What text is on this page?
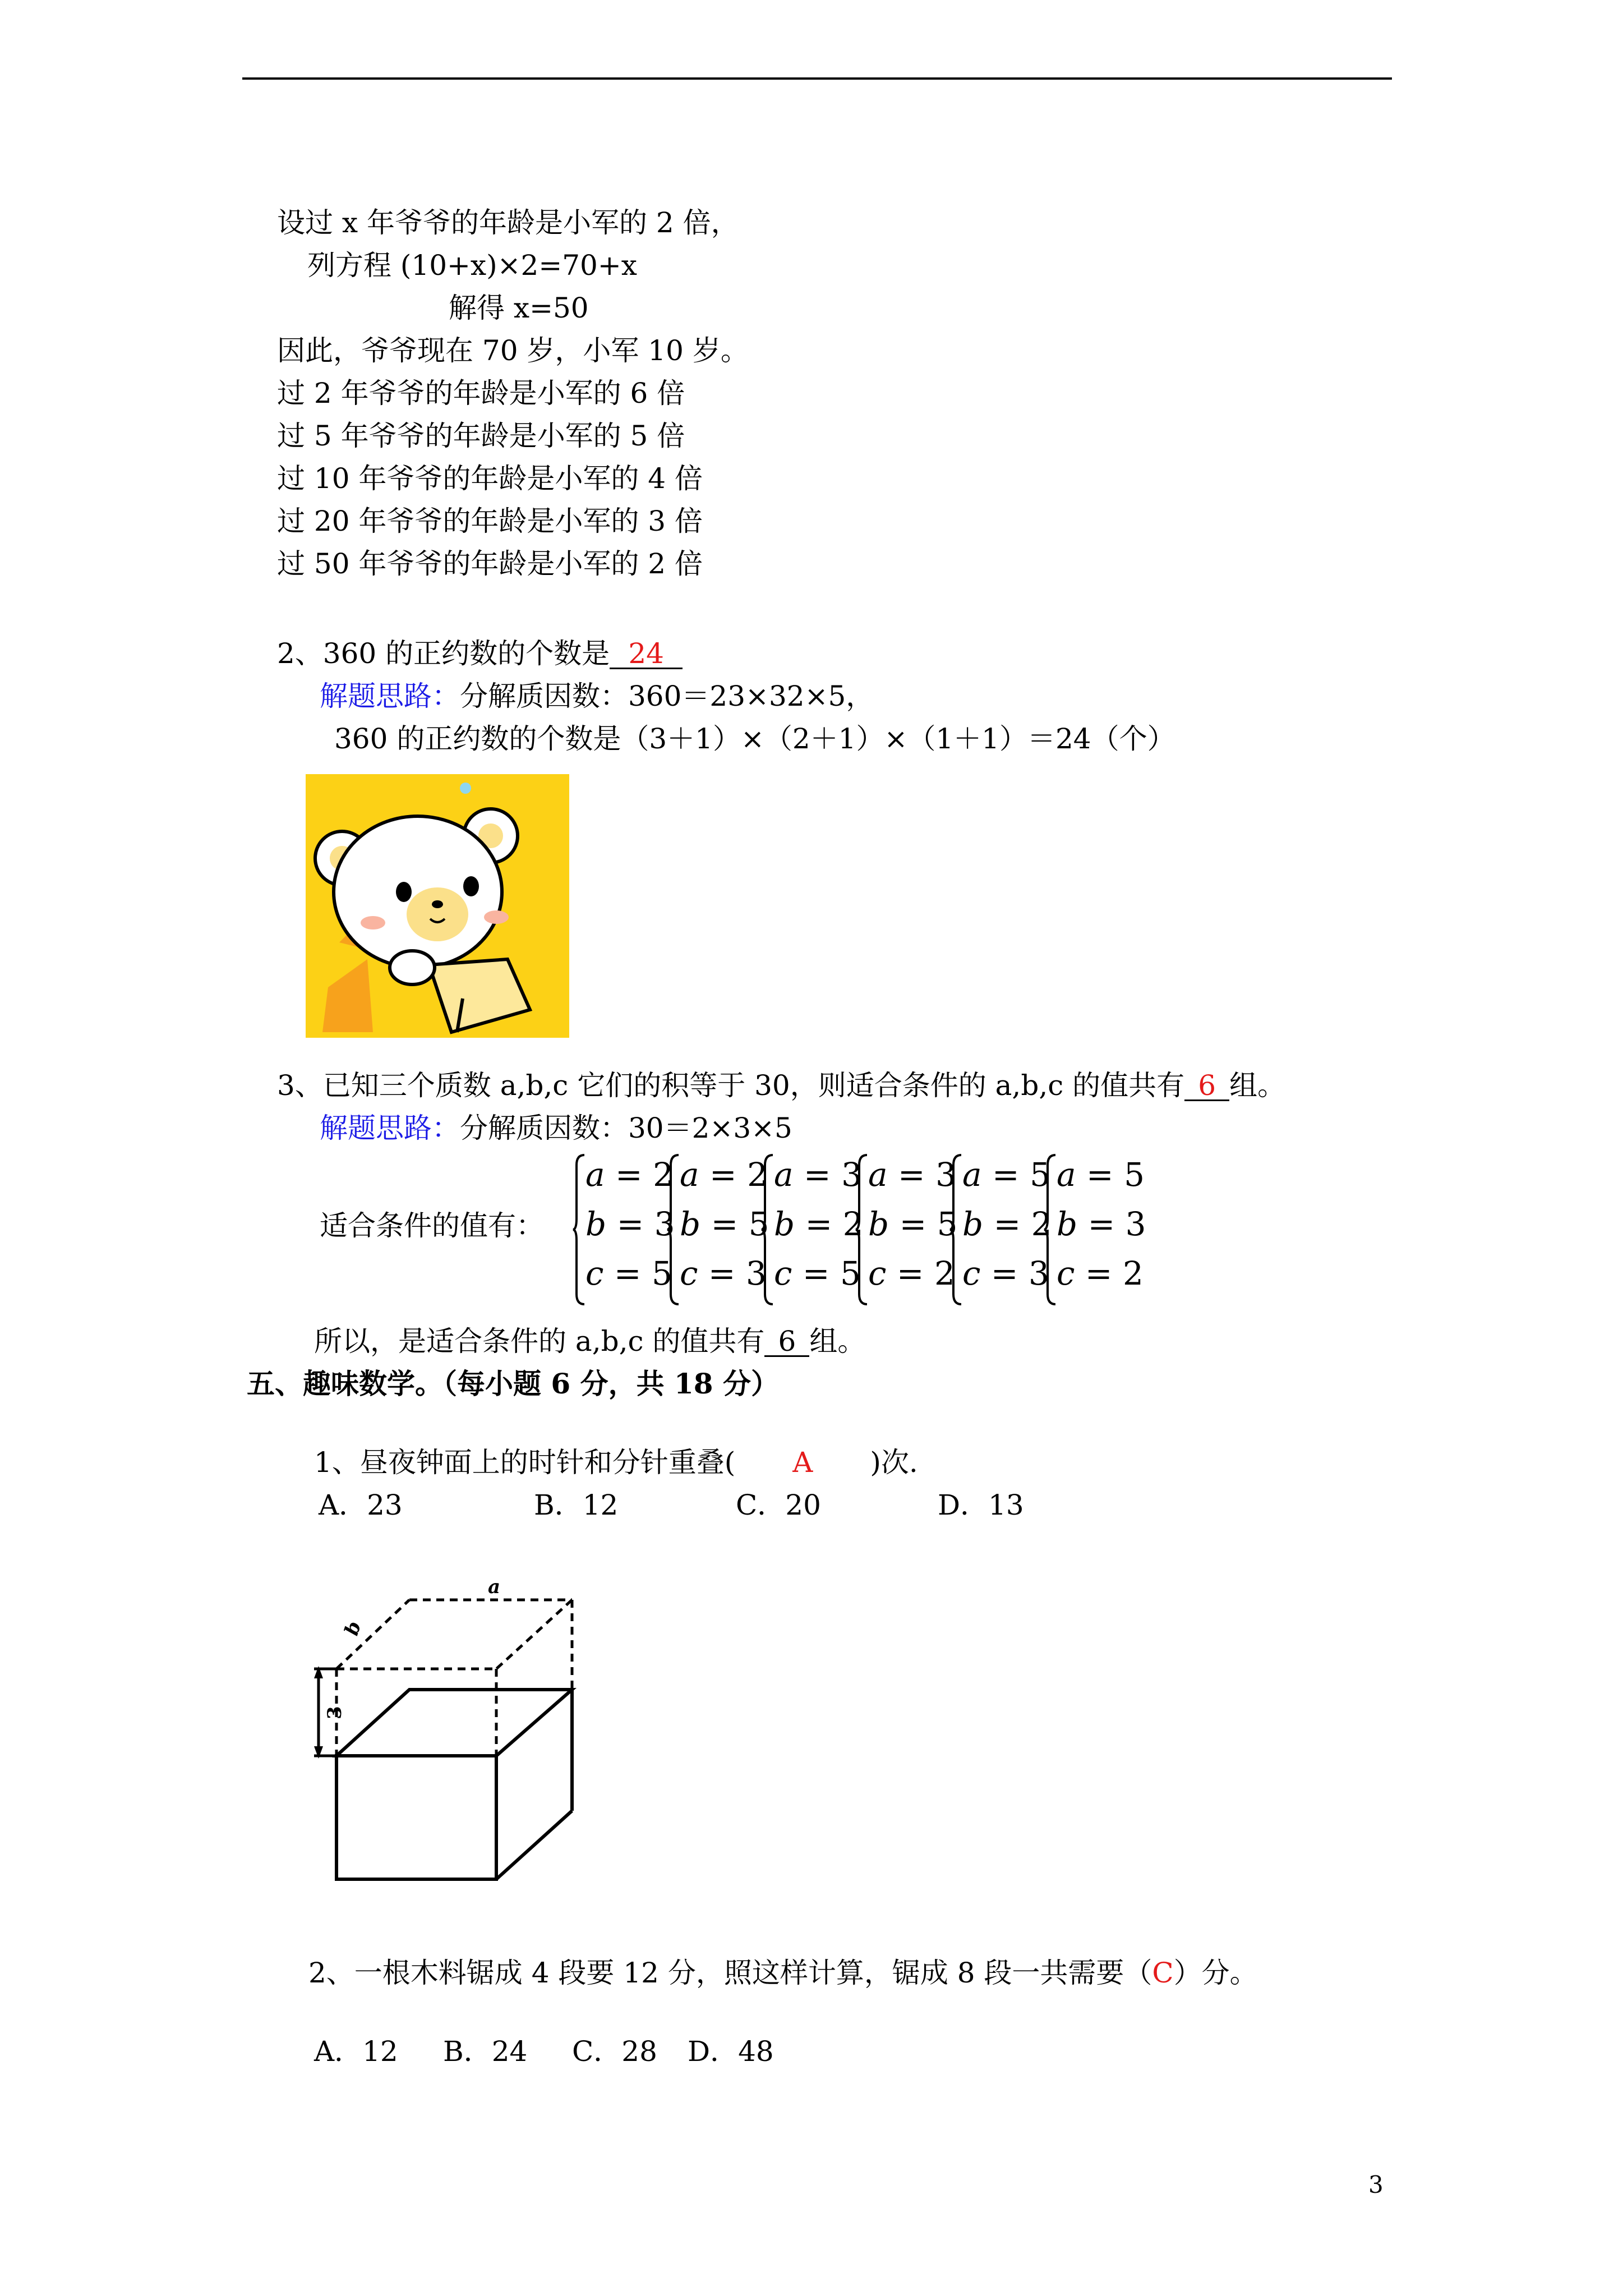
设过 x 年爷爷的年龄是小军的 2 倍，
列方程 (10+x)×2=70+x
解得 x=50
因此，爷爷现在 70 岁，小军 10 岁。
过 2 年爷爷的年龄是小军的 6 倍
过 5 年爷爷的年龄是小军的 5 倍
过 10 年爷爷的年龄是小军的 4 倍
过 20 年爷爷的年龄是小军的 3 倍
过 50 年爷爷的年龄是小军的 2 倍
2、360 的正约数的个数是 24
解题思路：分解质因数：360＝23×32×5，
360 的正约数的个数是（3＋1）×（2＋1）×（1＋1）＝24（个）
3、已知三个质数 a,b,c 它们的积等于 30，则适合条件的 a,b,c 的值共有 6 组。
解题思路：分解质因数：30＝2×3×5
适合条件的值有：
a = 2
b = 3
c = 5
a = 2
b = 5
c = 3
a = 3
b = 2
c = 5
a = 3
b = 5
c = 2
a = 5
b = 2
c = 3
a = 5
b = 3
c = 2
所以，是适合条件的 a,b,c 的值共有 6 组。
五、趣味数学。（每小题 6 分，共 18 分）
1、昼夜钟面上的时针和分针重叠( A )次.
A．23	B．12	C．20	D．13
a
b
3
2、一根木料锯成 4 段要 12 分，照这样计算，锯成 8 段一共需要（C）分。
A．12 B．24 C．28 D．48
3
